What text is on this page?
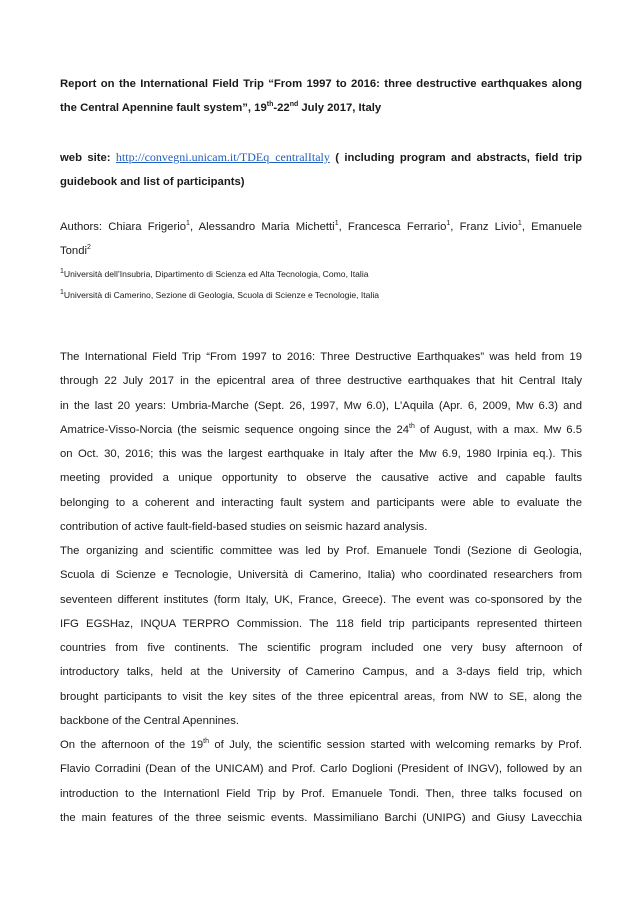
Report on the International Field Trip “From 1997 to 2016: three destructive earthquakes along
the Central Apennine fault system”, 19th-22nd July 2017, Italy
web site: http://convegni.unicam.it/TDEq_centralItaly ( including program and abstracts, field trip
guidebook and list of participants)
Authors: Chiara Frigerio$^1$, Alessandro Maria Michetti$^1$, Francesca Ferrario$^1$, Franz Livio$^1$, Emanuele
Tondi$^2$
$^1$Università dell’Insubria, Dipartimento di Scienza ed Alta Tecnologia, Como, Italia
$^1$Università di Camerino, Sezione di Geologia, Scuola di Scienze e Tecnologie, Italia
The International Field Trip “From 1997 to 2016: Three Destructive Earthquakes” was held from 19
through 22 July 2017 in the epicentral area of three destructive earthquakes that hit Central Italy
in the last 20 years: Umbria-Marche (Sept. 26, 1997, Mw 6.0), L’Aquila (Apr. 6, 2009, Mw 6.3) and
Amatrice-Visso-Norcia (the seismic sequence ongoing since the 24th of August, with a max. Mw 6.5
on Oct. 30, 2016; this was the largest earthquake in Italy after the Mw 6.9, 1980 Irpinia eq.). This
meeting provided a unique opportunity to observe the causative active and capable faults
belonging to a coherent and interacting fault system and participants were able to evaluate the
contribution of active fault-field-based studies on seismic hazard analysis.
The organizing and scientific committee was led by Prof. Emanuele Tondi (Sezione di Geologia,
Scuola di Scienze e Tecnologie, Università di Camerino, Italia) who coordinated researchers from
seventeen different institutes (form Italy, UK, France, Greece). The event was co-sponsored by the
IFG EGSHaz, INQUA TERPRO Commission. The 118 field trip participants represented thirteen
countries from five continents. The scientific program included one very busy afternoon of
introductory talks, held at the University of Camerino Campus, and a 3-days field trip, which
brought participants to visit the key sites of the three epicentral areas, from NW to SE, along the
backbone of the Central Apennines.
On the afternoon of the 19th of July, the scientific session started with welcoming remarks by Prof.
Flavio Corradini (Dean of the UNICAM) and Prof. Carlo Doglioni (President of INGV), followed by an
introduction to the Internationl Field Trip by Prof. Emanuele Tondi. Then, three talks focused on
the main features of the three seismic events. Massimiliano Barchi (UNIPG) and Giusy Lavecchia
